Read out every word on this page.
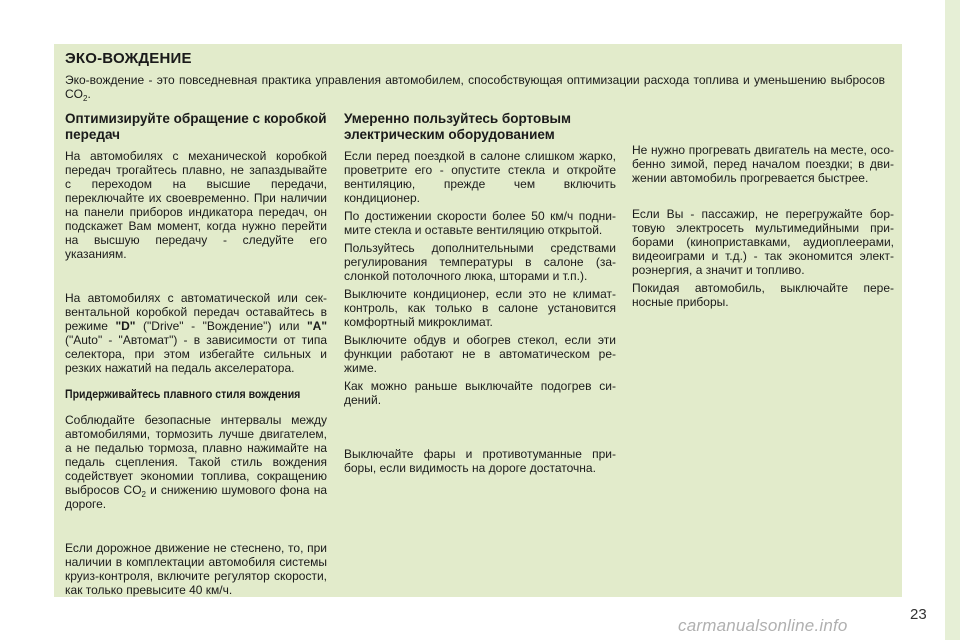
ЭКО-ВОЖДЕНИЕ

Эко-вождение - это повседневная практика управления автомобилем, способствующая оптимизации расхода топлива и уменьшению выбросов $CO_2$.

Оптимизируйте обращение с коробкой передач

На автомобилях с механической коробкой передач трогайтесь плавно, не запаздывайте с переходом на высшие передачи, переключайте их своевременно. При наличии на панели приборов индикатора передач, он подскажет Вам момент, когда нужно перейти на высшую передачу - следуйте его указаниям.

На автомобилях с автоматической или секвентальной коробкой передач оставайтесь в режиме "D" ("Drive" - "Вождение") или "A" ("Auto" - "Автомат") - в зависимости от типа селектора, при этом избегайте сильных и резких нажатий на педаль акселератора.

Придерживайтесь плавного стиля вождения

Соблюдайте безопасные интервалы между автомобилями, тормозить лучше двигателем, а не педалью тормоза, плавно нажимайте на педаль сцепления. Такой стиль вождения содействует экономии топлива, сокращению выбросов $CO_2$ и снижению шумового фона на дороге.

Если дорожное движение не стеснено, то, при наличии в комплектации автомобиля системы круиз-контроля, включите регулятор скорости, как только превысите 40 км/ч.

Умеренно пользуйтесь бортовым электрическим оборудованием

Если перед поездкой в салоне слишком жарко, проветрите его - опустите стекла и откройте вентиляцию, прежде чем включить кондиционер.

По достижении скорости более 50 км/ч поднимите стекла и оставьте вентиляцию открытой.

Пользуйтесь дополнительными средствами регулирования температуры в салоне (заслонкой потолочного люка, шторами и т.п.).

Выключите кондиционер, если это не климат-контроль, как только в салоне установится комфортный микроклимат.

Выключите обдув и обогрев стекол, если эти функции работают не в автоматическом режиме.

Как можно раньше выключайте подогрев сидений.

Выключайте фары и противотуманные приборы, если видимость на дороге достаточна.

Не нужно прогревать двигатель на месте, особенно зимой, перед началом поездки; в движении автомобиль прогревается быстрее.

Если Вы - пассажир, не перегружайте бортовую электросеть мультимедийными приборами (киноприставками, аудиоплеерами, видеоиграми и т.д.) - так экономится электроэнергия, а значит и топливо.

Покидая автомобиль, выключайте переносные приборы.

23
carmanualsonline.info
